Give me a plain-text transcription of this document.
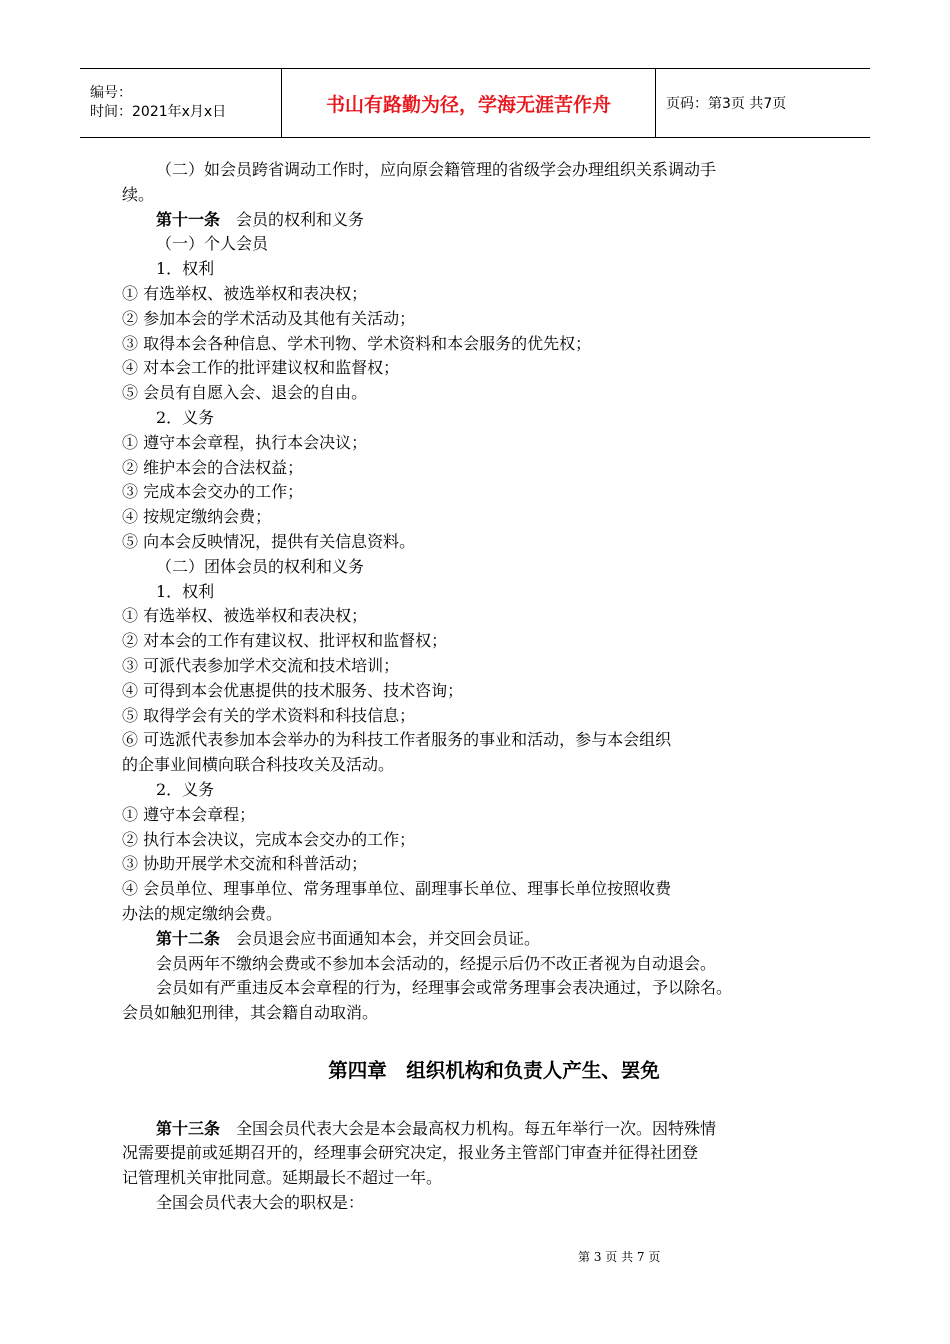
编号：
时间：2021年x月x日	书山有路勤为径，学海无涯苦作舟	页码：第3页 共7页

（二）如会员跨省调动工作时，应向原会籍管理的省级学会办理组织关系调动手

续。

第十一条　会员的权利和义务

（一）个人会员

1．权利

① 有选举权、被选举权和表决权；

② 参加本会的学术活动及其他有关活动；

③ 取得本会各种信息、学术刊物、学术资料和本会服务的优先权；

④ 对本会工作的批评建议权和监督权；

⑤ 会员有自愿入会、退会的自由。

2．义务

① 遵守本会章程，执行本会决议；

② 维护本会的合法权益；

③ 完成本会交办的工作；

④ 按规定缴纳会费；

⑤ 向本会反映情况，提供有关信息资料。

（二）团体会员的权利和义务

1．权利

① 有选举权、被选举权和表决权；

② 对本会的工作有建议权、批评权和监督权；

③ 可派代表参加学术交流和技术培训；

④ 可得到本会优惠提供的技术服务、技术咨询；

⑤ 取得学会有关的学术资料和科技信息；

⑥ 可选派代表参加本会举办的为科技工作者服务的事业和活动，参与本会组织

的企事业间横向联合科技攻关及活动。

2．义务

① 遵守本会章程；

② 执行本会决议，完成本会交办的工作；

③ 协助开展学术交流和科普活动；

④ 会员单位、理事单位、常务理事单位、副理事长单位、理事长单位按照收费

办法的规定缴纳会费。

第十二条　会员退会应书面通知本会，并交回会员证。

会员两年不缴纳会费或不参加本会活动的，经提示后仍不改正者视为自动退会。

会员如有严重违反本会章程的行为，经理事会或常务理事会表决通过，予以除名。

会员如触犯刑律，其会籍自动取消。

第四章　组织机构和负责人产生、罢免

第十三条　全国会员代表大会是本会最高权力机构。每五年举行一次。因特殊情

况需要提前或延期召开的，经理事会研究决定，报业务主管部门审查并征得社团登

记管理机关审批同意。延期最长不超过一年。

全国会员代表大会的职权是：

第 3 页 共 7 页
